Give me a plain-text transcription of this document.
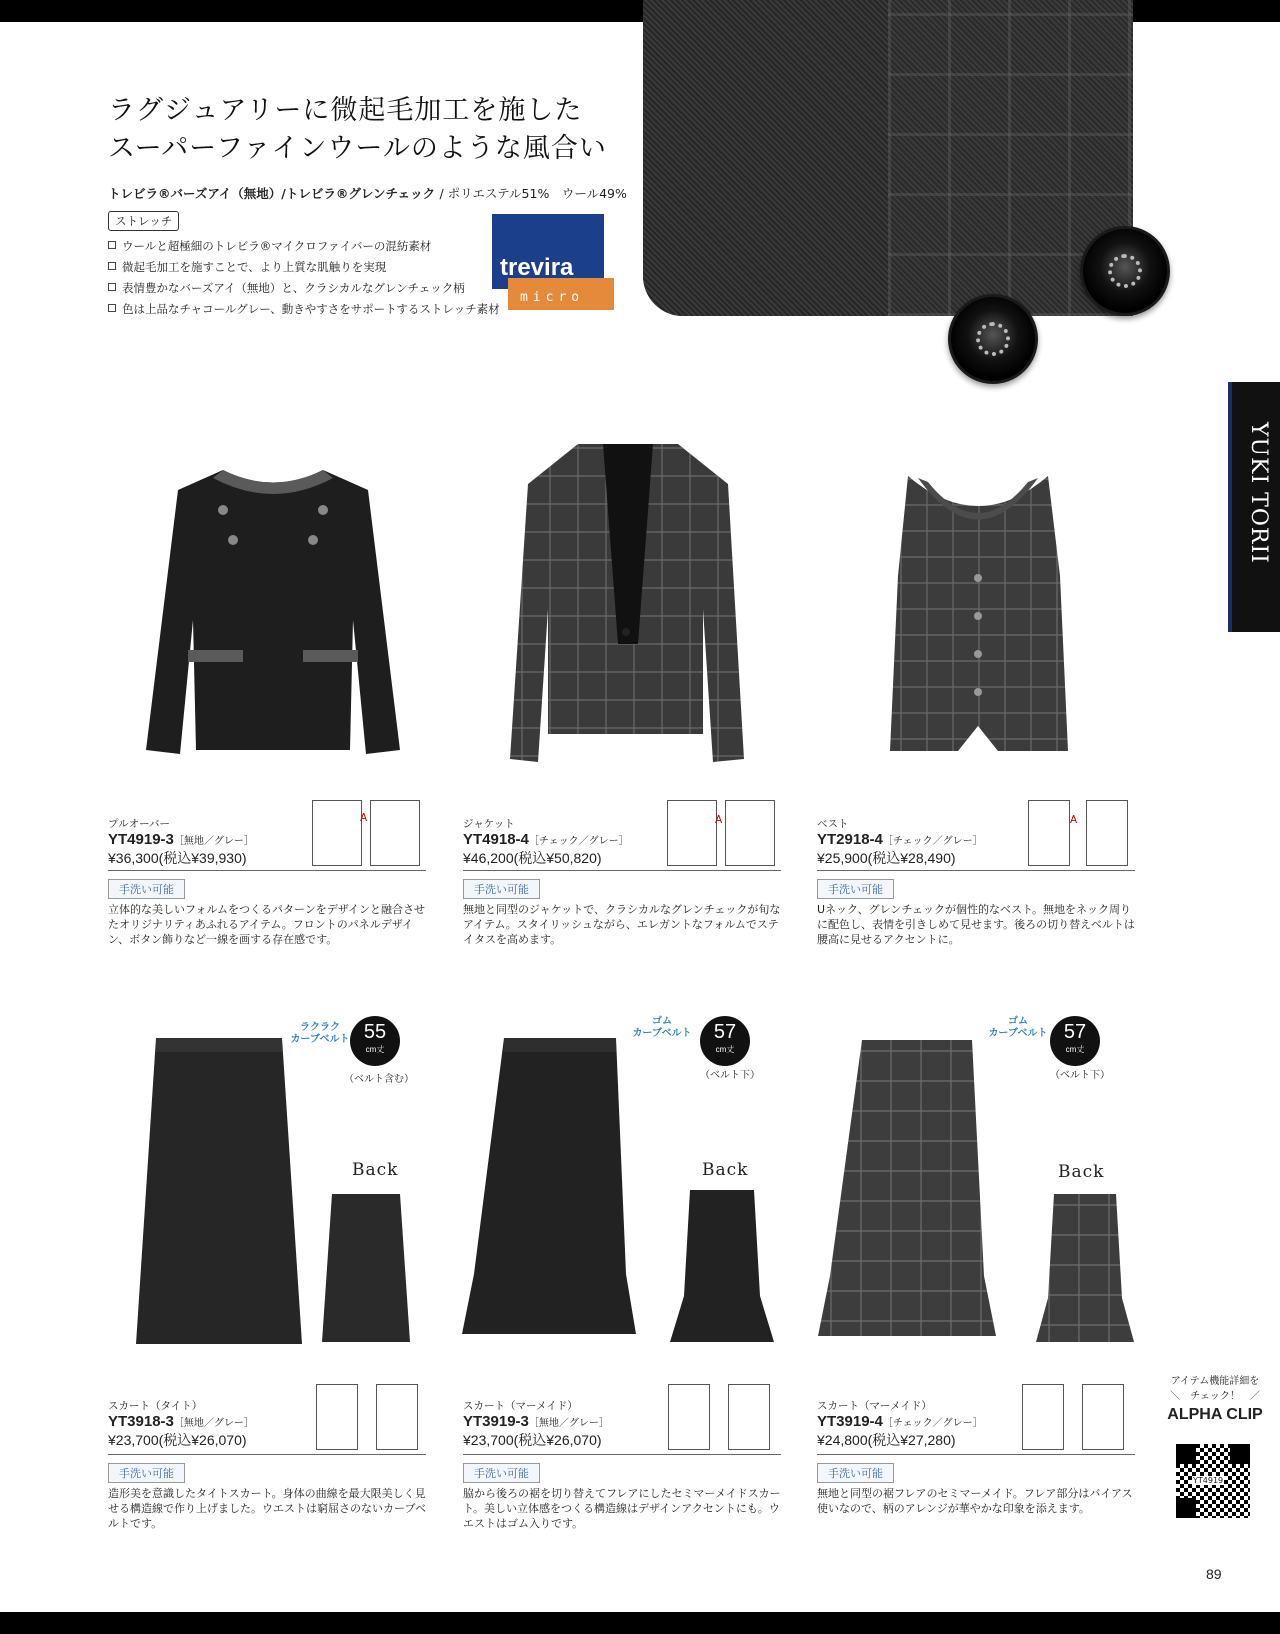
ラグジュアリーに微起毛加工を施した
スーパーファインウールのような風合い
トレビラ®バーズアイ（無地）/トレビラ®グレンチェック / ポリエステル51%　ウール49%
ストレッチ
ウールと超極細のトレビラ®マイクロファイバーの混紡素材
微起毛加工を施すことで、より上質な肌触りを実現
表情豊かなバーズアイ（無地）と、クラシカルなグレンチェック柄
色は上品なチャコールグレー、動きやすさをサポートするストレッチ素材
trevira
micro
YUKI TORII
プルオーバー
YT4919-3［無地／グレー］
¥36,300(税込¥39,930)
A
手洗い可能
立体的な美しいフォルムをつくるパターンをデザインと融合させたオリジナリティあふれるアイテム。フロントのパネルデザイン、ボタン飾りなど一線を画する存在感です。
ジャケット
YT4918-4［チェック／グレー］
¥46,200(税込¥50,820)
A
手洗い可能
無地と同型のジャケットで、クラシカルなグレンチェックが旬なアイテム。スタイリッシュながら、エレガントなフォルムでステイタスを高めます。
ベスト
YT2918-4［チェック／グレー］
¥25,900(税込¥28,490)
A
手洗い可能
Uネック、グレンチェックが個性的なベスト。無地をネック周りに配色し、表情を引きしめて見せます。後ろの切り替えベルトは腰高に見せるアクセントに。
Back
ラクラク
カーブベルト 55
cm丈
（ベルト含む）
Back
ゴム
カーブベルト	57
cm丈
（ベルト下）
Back
ゴム
カーブベルト 57
cm丈
（ベルト下）
スカート（タイト）
YT3918-3［無地／グレー］
¥23,700(税込¥26,070)
手洗い可能
造形美を意識したタイトスカート。身体の曲線を最大限美しく見せる構造線で作り上げました。ウエストは窮屈さのないカーブベルトです。
スカート（マーメイド）
YT3919-3［無地／グレー］
¥23,700(税込¥26,070)
手洗い可能
脇から後ろの裾を切り替えてフレアにしたセミマーメイドスカート。美しい立体感をつくる構造線はデザインアクセントにも。ウエストはゴム入りです。
スカート（マーメイド）
YT3919-4［チェック／グレー］
¥24,800(税込¥27,280)
手洗い可能
無地と同型の裾フレアのセミマーメイド。フレア部分はバイアス使いなので、柄のアレンジが華やかな印象を添えます。
アイテム機能詳細を
＼　チェック！　／
ALPHA CLIP
YT4919
89
